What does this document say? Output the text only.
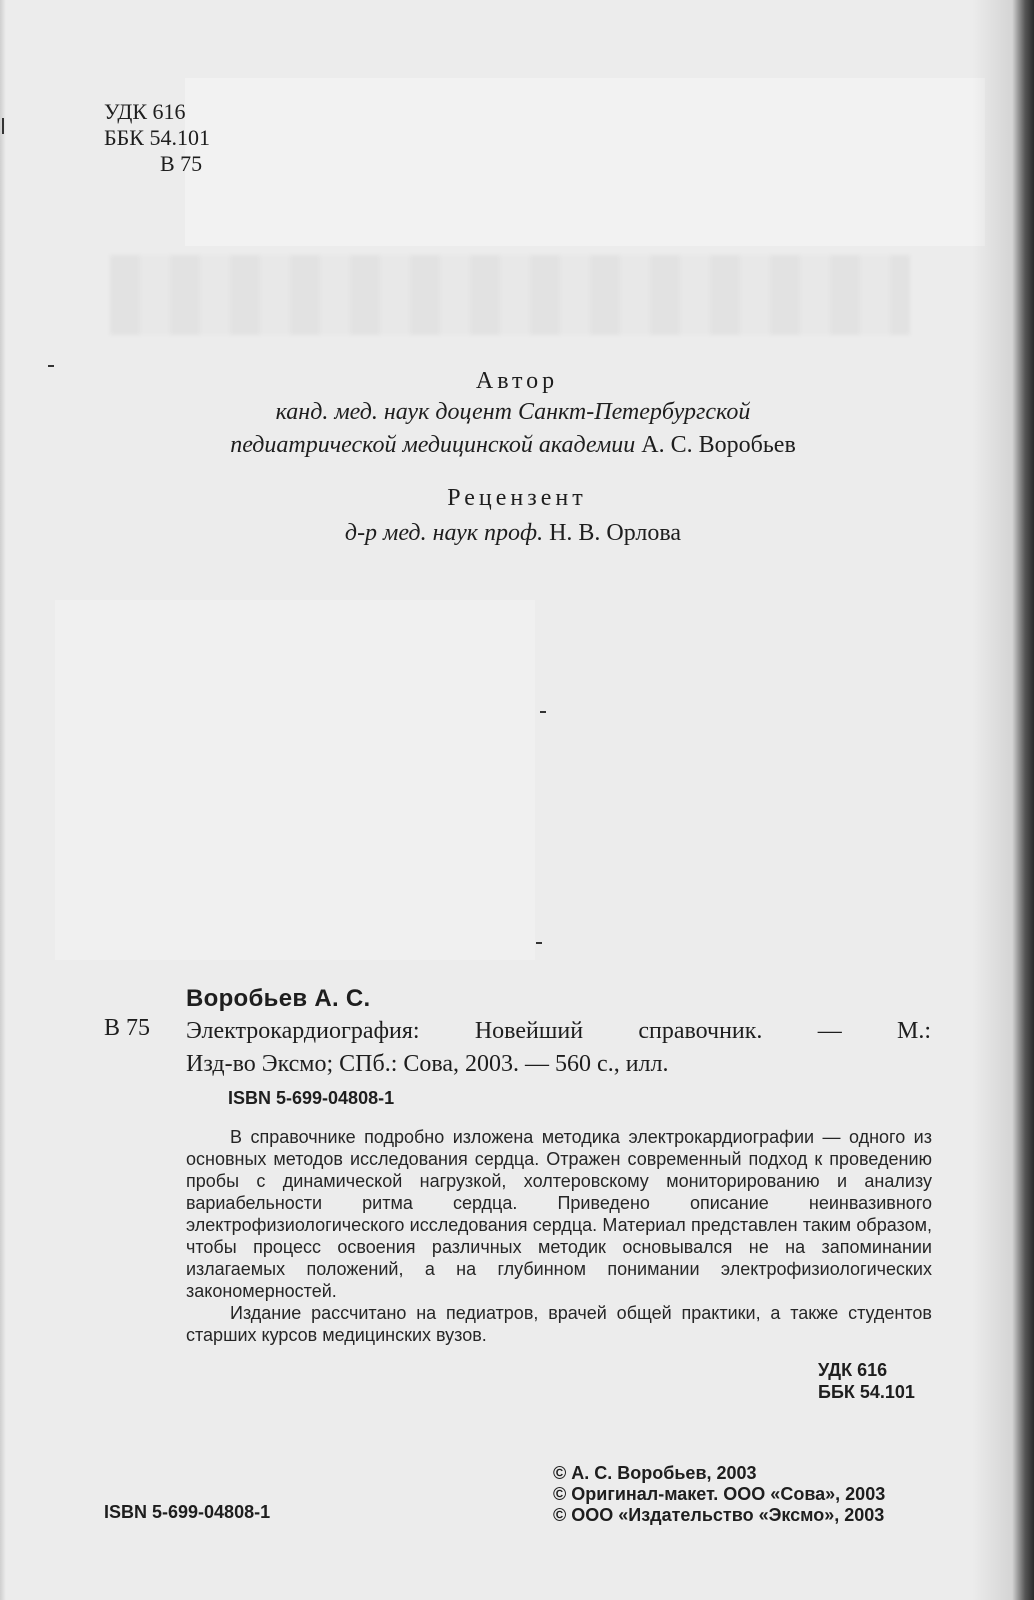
УДК 616
ББК 54.101
В 75
Автор
канд. мед. наук доцент Санкт-Петербургской
педиатрической медицинской академии А. С. Воробьев
Рецензент
д-р мед. наук проф. Н. В. Орлова
Воробьев А. С.
В 75 Электрокардиография: Новейший справочник. — М.:
Изд-во Эксмо; СПб.: Сова, 2003. — 560 с., илл.
ISBN 5-699-04808-1

В справочнике подробно изложена методика электрокардиографии — одного из основных методов исследования сердца. Отражен современный подход к проведению пробы с динамической нагрузкой, холтеровскому мониторированию и анализу вариабельности ритма сердца. Приведено описание неинвазивного электрофизиологического исследования сердца. Материал представлен таким образом, чтобы процесс освоения различных методик основывался не на запоминании излагаемых положений, а на глубинном понимании электрофизиологических закономерностей.

Издание рассчитано на педиатров, врачей общей практики, а также студентов старших курсов медицинских вузов.

УДК 616
ББК 54.101
© А. С. Воробьев, 2003
© Оригинал-макет. ООО «Сова», 2003
© ООО «Издательство «Эксмо», 2003
ISBN 5-699-04808-1
